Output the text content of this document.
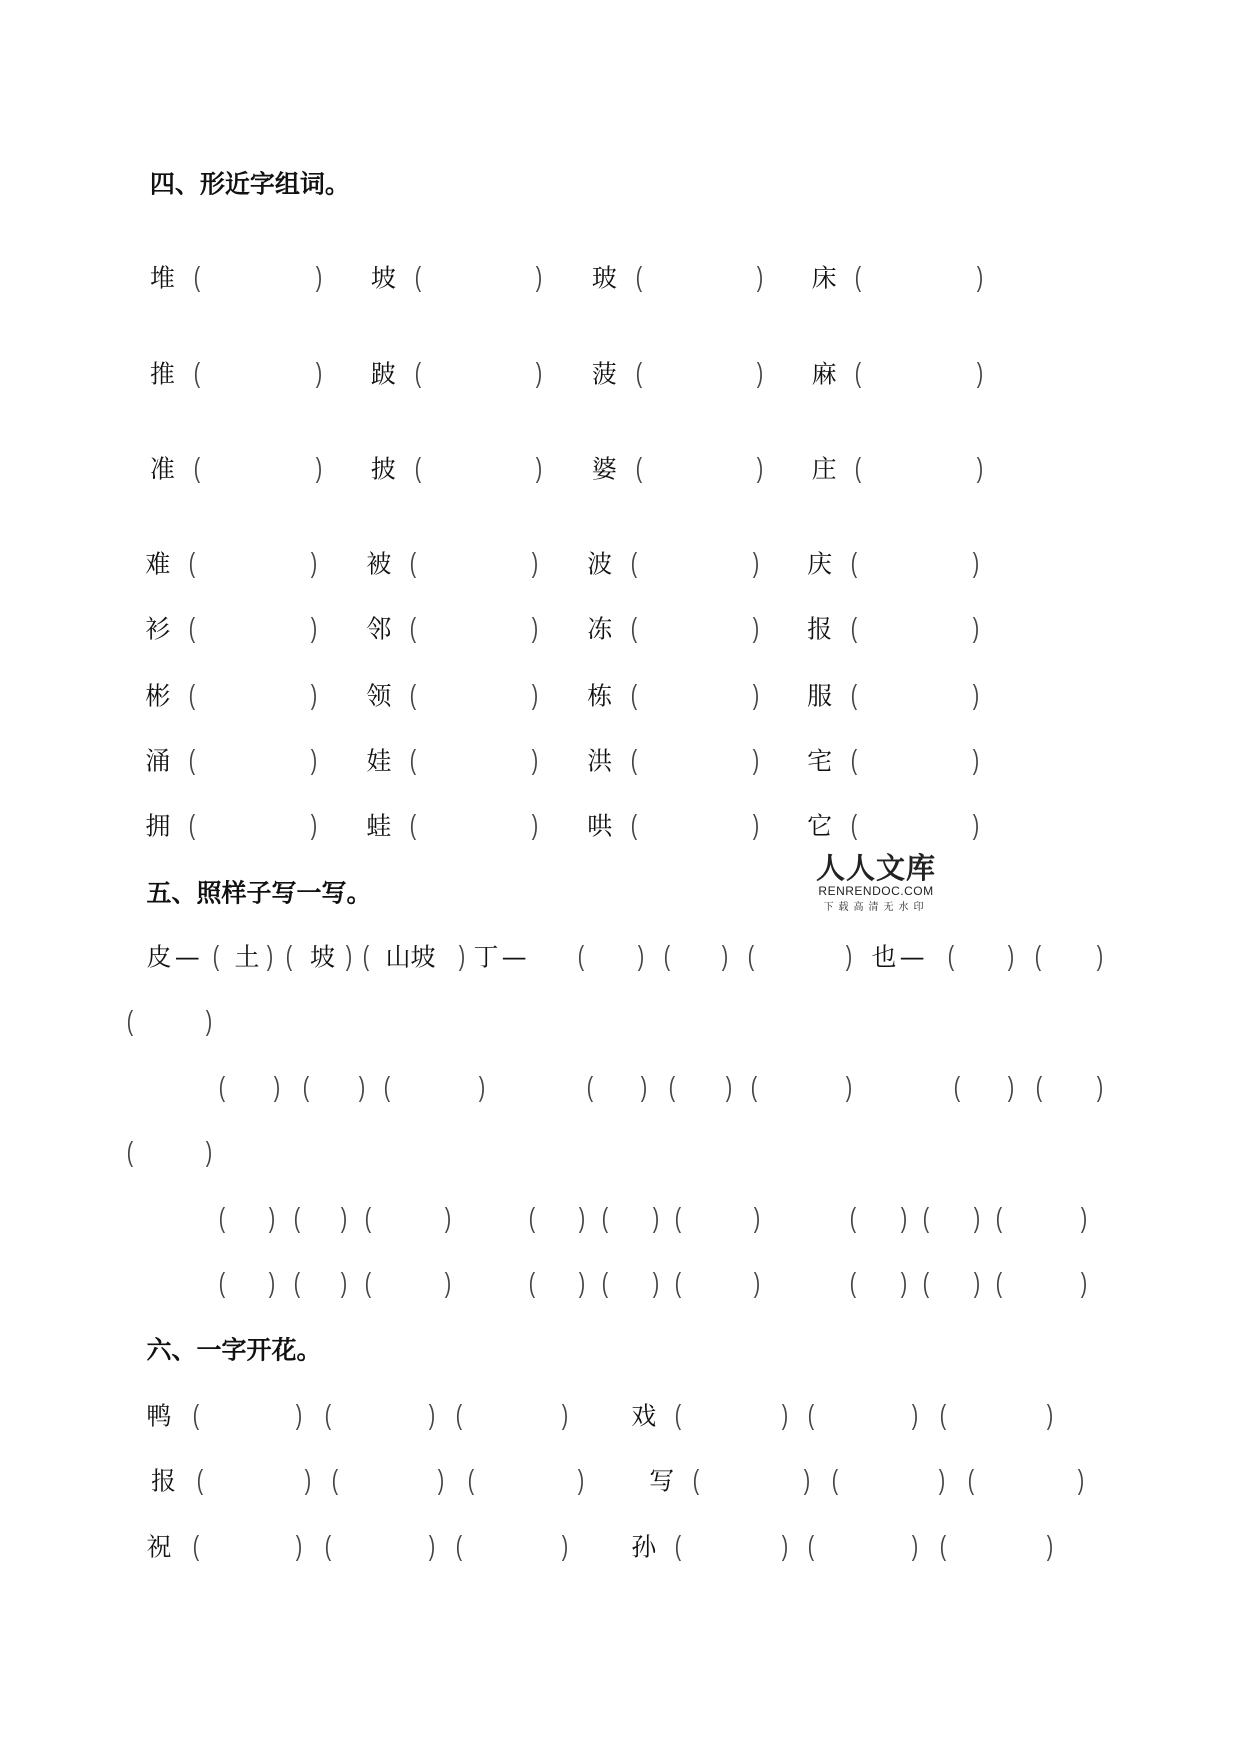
人人文库
RENRENDOC.COM
下载高清无水印
四、形近字组词。
堆 (	) 坡 (	) 玻 (	) 床 (	)
推 (	) 跛 (	) 菠 (	) 麻 (	)
准 (	) 披 (	) 婆 (	) 庄 (	)
难 (	) 被 (	) 波 (	) 庆 (	)
衫 (	) 邻 (	) 冻 (	) 报 (	)
彬 (	) 领 (	) 栋 (	) 服 (	)
涌 (	) 娃 (	) 洪 (	) 宅 (	)
拥 (	) 蛙 (	) 哄 (	) 它 (	)
五、照样子写一写。
皮 — ( )
土 ( )
坡 (	)
山坡 丁 — ( ) ( ) (	) 也 — ( ) ( )
(	)
( ) ( ) (	)	( ) ( ) (	)	( ) ( )
(	)
( ) ( ) (	)	( ) ( ) (	)	( ) ( ) (	)
( ) ( ) (	)	( ) ( ) (	)	( ) ( ) (	)
六、一字开花。
鸭 (	) (	) (	)	戏 (	) (	) (	)
报 (	) (	) (	)	写 (	) (	) (	)
祝 (	) (	) (	)	孙 (	) (	) (	)
